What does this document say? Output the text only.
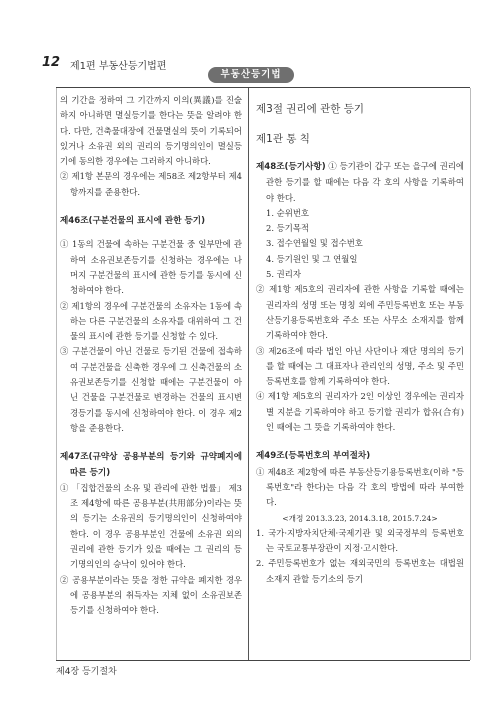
12 제1편 부동산등기법편
부동산등기법

의 기간을 정하여 그 기간까지 이의(異議)를 진술하지 아니하면 멸실등기를 한다는 뜻을 알려야 한다. 다만, 건축물대장에 건물멸실의 뜻이 기록되어 있거나 소유권 외의 권리의 등기명의인이 멸실등기에 동의한 경우에는 그러하지 아니하다.

② 제1항 본문의 경우에는 제58조 제2항부터 제4항까지를 준용한다.

제46조(구분건물의 표시에 관한 등기)

① 1동의 건물에 속하는 구분건물 중 일부만에 관하여 소유권보존등기를 신청하는 경우에는 나머지 구분건물의 표시에 관한 등기를 동시에 신청하여야 한다.

② 제1항의 경우에 구분건물의 소유자는 1동에 속하는 다른 구분건물의 소유자를 대위하여 그 건물의 표시에 관한 등기를 신청할 수 있다.

③ 구분건물이 아닌 건물로 등기된 건물에 접속하여 구분건물을 신축한 경우에 그 신축건물의 소유권보존등기를 신청할 때에는 구분건물이 아닌 건물을 구분건물로 변경하는 건물의 표시변경등기를 동시에 신청하여야 한다. 이 경우 제2항을 준용한다.

제47조(규약상 공용부분의 등기와 규약폐지에 따른 등기)

① 「집합건물의 소유 및 관리에 관한 법률」 제3조 제4항에 따른 공용부분(共用部分)이라는 뜻의 등기는 소유권의 등기명의인이 신청하여야 한다. 이 경우 공용부분인 건물에 소유권 외의 권리에 관한 등기가 있을 때에는 그 권리의 등기명의인의 승낙이 있어야 한다.

② 공용부분이라는 뜻을 정한 규약을 폐지한 경우에 공용부분의 취득자는 지체 없이 소유권보존등기를 신청하여야 한다.

제3절 권리에 관한 등기

제1관 통 칙

제48조(등기사항) ① 등기관이 갑구 또는 을구에 권리에 관한 등기를 할 때에는 다음 각 호의 사항을 기록하여야 한다.

1. 순위번호
2. 등기목적
3. 접수연월일 및 접수번호
4. 등기원인 및 그 연월일
5. 권리자

② 제1항 제5호의 권리자에 관한 사항을 기록할 때에는 권리자의 성명 또는 명칭 외에 주민등록번호 또는 부동산등기용등록번호와 주소 또는 사무소 소재지를 함께 기록하여야 한다.

③ 제26조에 따라 법인 아닌 사단이나 재단 명의의 등기를 할 때에는 그 대표자나 관리인의 성명, 주소 및 주민등록번호를 함께 기록하여야 한다.

④ 제1항 제5호의 권리자가 2인 이상인 경우에는 권리자별 지분을 기록하여야 하고 등기할 권리가 합유(合有)인 때에는 그 뜻을 기록하여야 한다.

제49조(등록번호의 부여절차)

① 제48조 제2항에 따른 부동산등기용등록번호(이하 "등록번호"라 한다)는 다음 각 호의 방법에 따라 부여한다.

<개정 2013.3.23, 2014.3.18, 2015.7.24>

1. 국가·지방자치단체·국제기관 및 외국정부의 등록번호는 국토교통부장관이 지정·고시한다.

2. 주민등록번호가 없는 재외국민의 등록번호는 대법원 소재지 관할 등기소의 등기

제4장 등기절차
